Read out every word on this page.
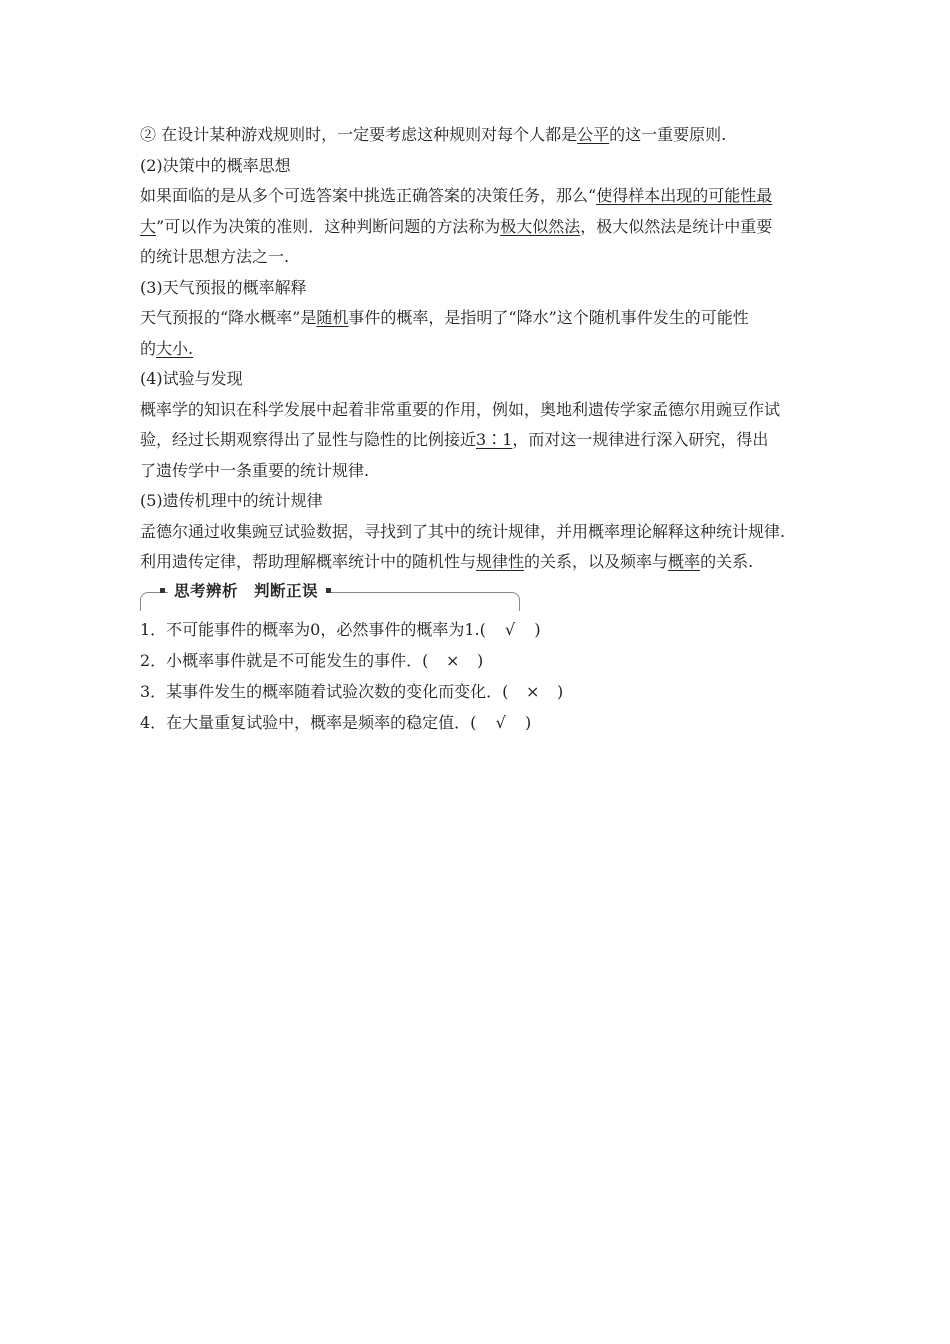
② 在设计某种游戏规则时，一定要考虑这种规则对每个人都是公平的这一重要原则.
(2)决策中的概率思想
如果面临的是从多个可选答案中挑选正确答案的决策任务，那么“使得样本出现的可能性最
大”可以作为决策的准则．这种判断问题的方法称为极大似然法，极大似然法是统计中重要
的统计思想方法之一.
(3)天气预报的概率解释
天气预报的“降水概率”是随机事件的概率，是指明了“降水”这个随机事件发生的可能性
的大小.
(4)试验与发现
概率学的知识在科学发展中起着非常重要的作用，例如，奥地利遗传学家孟德尔用豌豆作试
验，经过长期观察得出了显性与隐性的比例接近3∶1，而对这一规律进行深入研究，得出
了遗传学中一条重要的统计规律.
(5)遗传机理中的统计规律
孟德尔通过收集豌豆试验数据，寻找到了其中的统计规律，并用概率理论解释这种统计规律.
利用遗传定律，帮助理解概率统计中的随机性与规律性的关系，以及频率与概率的关系.
思考辨析　判断正误
1．不可能事件的概率为0，必然事件的概率为1.( √ )
2．小概率事件就是不可能发生的事件．( × )
3．某事件发生的概率随着试验次数的变化而变化．( × )
4．在大量重复试验中，概率是频率的稳定值．( √ )
